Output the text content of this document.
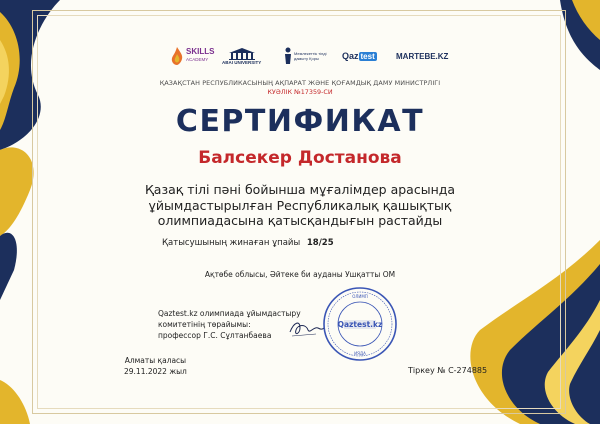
SKILLS
ACADEMY	ABAI UNIVERSITY
Мемлекеттік тілді дамыту Қоры	Qaz test	MARTEBE.KZ
ҚАЗАҚСТАН РЕСПУБЛИКАСЫНЫҢ АҚПАРАТ ЖӘНЕ ҚОҒАМДЫҚ ДАМУ МИНИСТРЛІГІ
КУӘЛІК №17359-СИ
СЕРТИФИКАТ
Балсекер Достанова
Қазақ тілі пәні бойынша мұғалімдер арасында
ұйымдастырылған Республикалық қашықтық
олимпиадасына қатысқандығын растайды
Қатысушының жинаған ұпайы 18/25
Ақтөбе облысы, Әйтеке би ауданы Ушқатты ОМ
Qaztest.kz олимпиада ұйымдастыру
комитетінің төрайымы:
профессор Г.С. Сұлтанбаева
ОЛИМП
ИЯДА
Qaztest.kz
Алматы қаласы
29.11.2022 жыл	Тіркеу № С-274885
